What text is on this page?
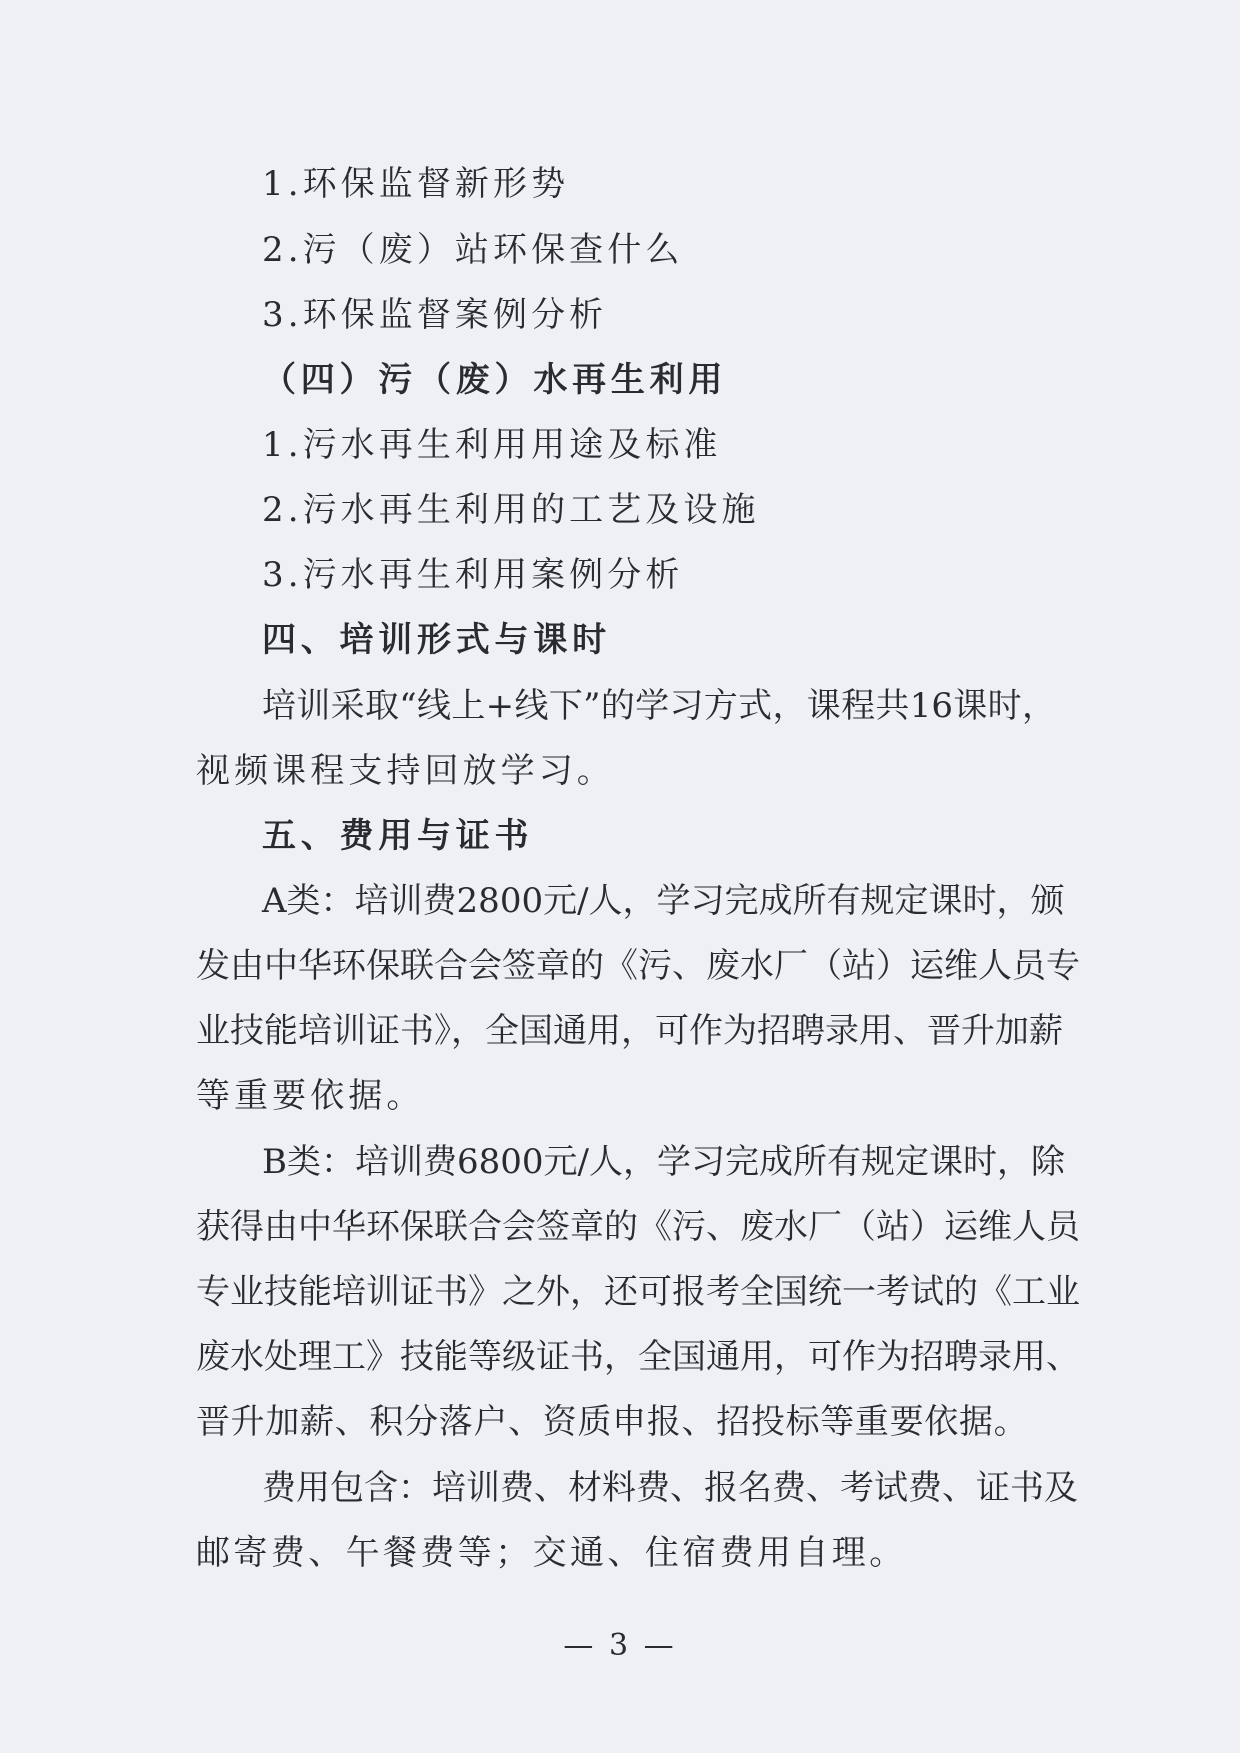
1.环保监督新形势
2.污（废）站环保查什么
3.环保监督案例分析
（四）污（废）水再生利用
1.污水再生利用用途及标准
2.污水再生利用的工艺及设施
3.污水再生利用案例分析
四、培训形式与课时
培训采取“线上+线下”的学习方式，课程共16课时，
视频课程支持回放学习。
五、费用与证书
A类：培训费2800元/人，学习完成所有规定课时，颁
发由中华环保联合会签章的《污、废水厂（站）运维人员专
业技能培训证书》，全国通用，可作为招聘录用、晋升加薪
等重要依据。
B类：培训费6800元/人，学习完成所有规定课时，除
获得由中华环保联合会签章的《污、废水厂（站）运维人员
专业技能培训证书》之外，还可报考全国统一考试的《工业
废水处理工》技能等级证书，全国通用，可作为招聘录用、
晋升加薪、积分落户、资质申报、招投标等重要依据。
费用包含：培训费、材料费、报名费、考试费、证书及
邮寄费、午餐费等；交通、住宿费用自理。
— 3 —
